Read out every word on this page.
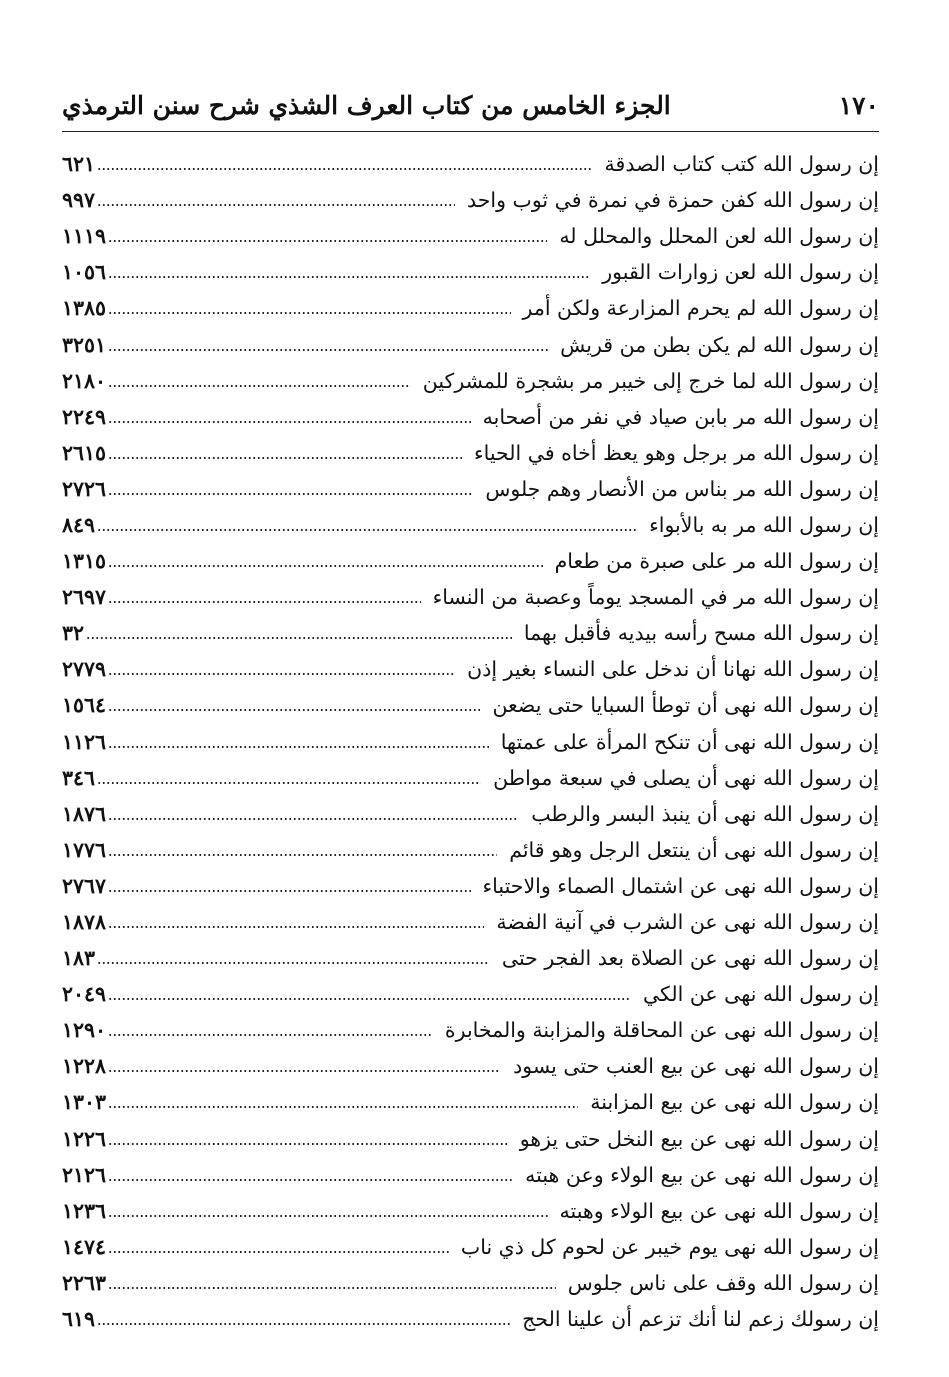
١٧٠
الجزء الخامس من كتاب العرف الشذي شرح سنن الترمذي
إن رسول الله كتب كتاب الصدقة
٦٢١
إن رسول الله كفن حمزة في نمرة في ثوب واحد
٩٩٧
إن رسول الله لعن المحلل والمحلل له
١١١٩
إن رسول الله لعن زوارات القبور
١٠٥٦
إن رسول الله لم يحرم المزارعة ولكن أمر
١٣٨٥
إن رسول الله لم يكن بطن من قريش
٣٢٥١
إن رسول الله لما خرج إلى خيبر مر بشجرة للمشركين
٢١٨٠
إن رسول الله مر بابن صياد في نفر من أصحابه
٢٢٤٩
إن رسول الله مر برجل وهو يعظ أخاه في الحياء
٢٦١٥
إن رسول الله مر بناس من الأنصار وهم جلوس
٢٧٢٦
إن رسول الله مر به بالأبواء
٨٤٩
إن رسول الله مر على صبرة من طعام
١٣١٥
إن رسول الله مر في المسجد يوماً وعصبة من النساء
٢٦٩٧
إن رسول الله مسح رأسه بيديه فأقبل بهما
٣٢
إن رسول الله نهانا أن ندخل على النساء بغير إذن
٢٧٧٩
إن رسول الله نهى أن توطأ السبايا حتى يضعن
١٥٦٤
إن رسول الله نهى أن تنكح المرأة على عمتها
١١٢٦
إن رسول الله نهى أن يصلى في سبعة مواطن
٣٤٦
إن رسول الله نهى أن ينبذ البسر والرطب
١٨٧٦
إن رسول الله نهى أن ينتعل الرجل وهو قائم
١٧٧٦
إن رسول الله نهى عن اشتمال الصماء والاحتباء
٢٧٦٧
إن رسول الله نهى عن الشرب في آنية الفضة
١٨٧٨
إن رسول الله نهى عن الصلاة بعد الفجر حتى
١٨٣
إن رسول الله نهى عن الكي
٢٠٤٩
إن رسول الله نهى عن المحاقلة والمزابنة والمخابرة
١٢٩٠
إن رسول الله نهى عن بيع العنب حتى يسود
١٢٢٨
إن رسول الله نهى عن بيع المزابنة
١٣٠٣
إن رسول الله نهى عن بيع النخل حتى يزهو
١٢٢٦
إن رسول الله نهى عن بيع الولاء وعن هبته
٢١٢٦
إن رسول الله نهى عن بيع الولاء وهبته
١٢٣٦
إن رسول الله نهى يوم خيبر عن لحوم كل ذي ناب
١٤٧٤
إن رسول الله وقف على ناس جلوس
٢٢٦٣
إن رسولك زعم لنا أنك تزعم أن علينا الحج
٦١٩
